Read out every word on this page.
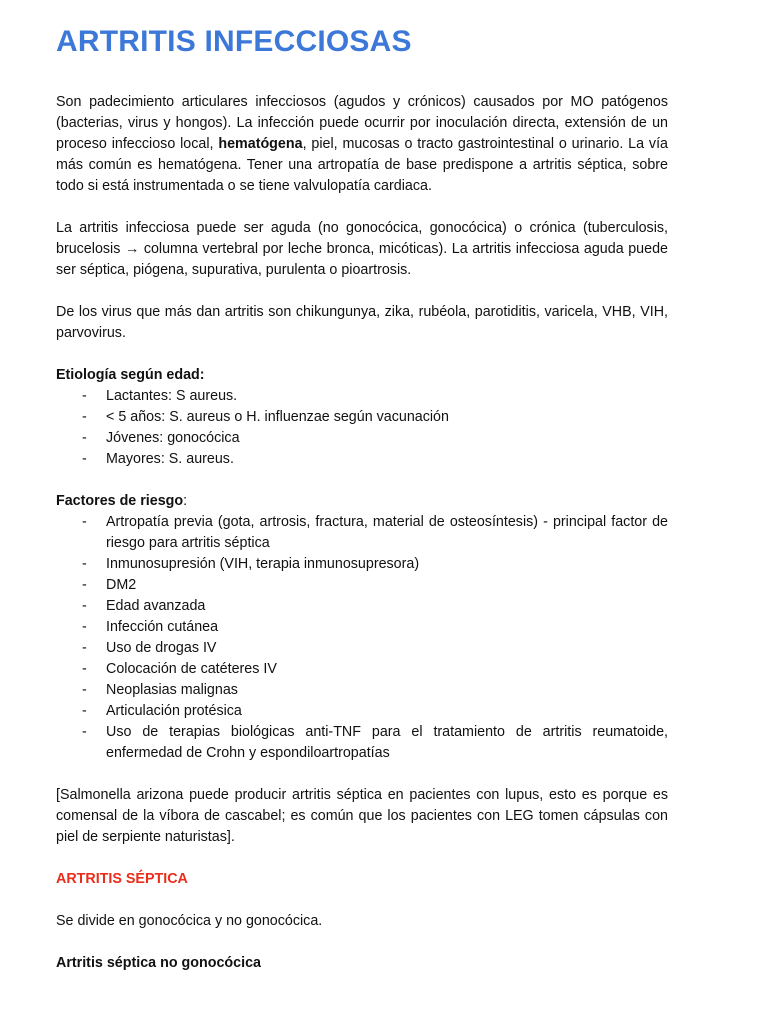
ARTRITIS INFECCIOSAS

Son padecimiento articulares infecciosos (agudos y crónicos) causados por MO patógenos (bacterias, virus y hongos). La infección puede ocurrir por inoculación directa, extensión de un proceso infeccioso local, hematógena, piel, mucosas o tracto gastrointestinal o urinario. La vía más común es hematógena. Tener una artropatía de base predispone a artritis séptica, sobre todo si está instrumentada o se tiene valvulopatía cardiaca.

La artritis infecciosa puede ser aguda (no gonocócica, gonocócica) o crónica (tuberculosis, brucelosis → columna vertebral por leche bronca, micóticas). La artritis infecciosa aguda puede ser séptica, piógena, supurativa, purulenta o pioartrosis.

De los virus que más dan artritis son chikungunya, zika, rubéola, parotiditis, varicela, VHB, VIH, parvovirus.

Etiología según edad:
- Lactantes: S aureus.
- < 5 años: S. aureus o H. influenzae según vacunación
- Jóvenes: gonocócica
- Mayores: S. aureus.
Factores de riesgo:
- Artropatía previa (gota, artrosis, fractura, material de osteosíntesis) - principal factor de riesgo para artritis séptica
- Inmunosupresión (VIH, terapia inmunosupresora)
- DM2
- Edad avanzada
- Infección cutánea
- Uso de drogas IV
- Colocación de catéteres IV
- Neoplasias malignas
- Articulación protésica
- Uso de terapias biológicas anti-TNF para el tratamiento de artritis reumatoide, enfermedad de Crohn y espondiloartropatías

[Salmonella arizona puede producir artritis séptica en pacientes con lupus, esto es porque es comensal de la víbora de cascabel; es común que los pacientes con LEG tomen cápsulas con piel de serpiente naturistas].

ARTRITIS SÉPTICA

Se divide en gonocócica y no gonocócica.

Artritis séptica no gonocócica
